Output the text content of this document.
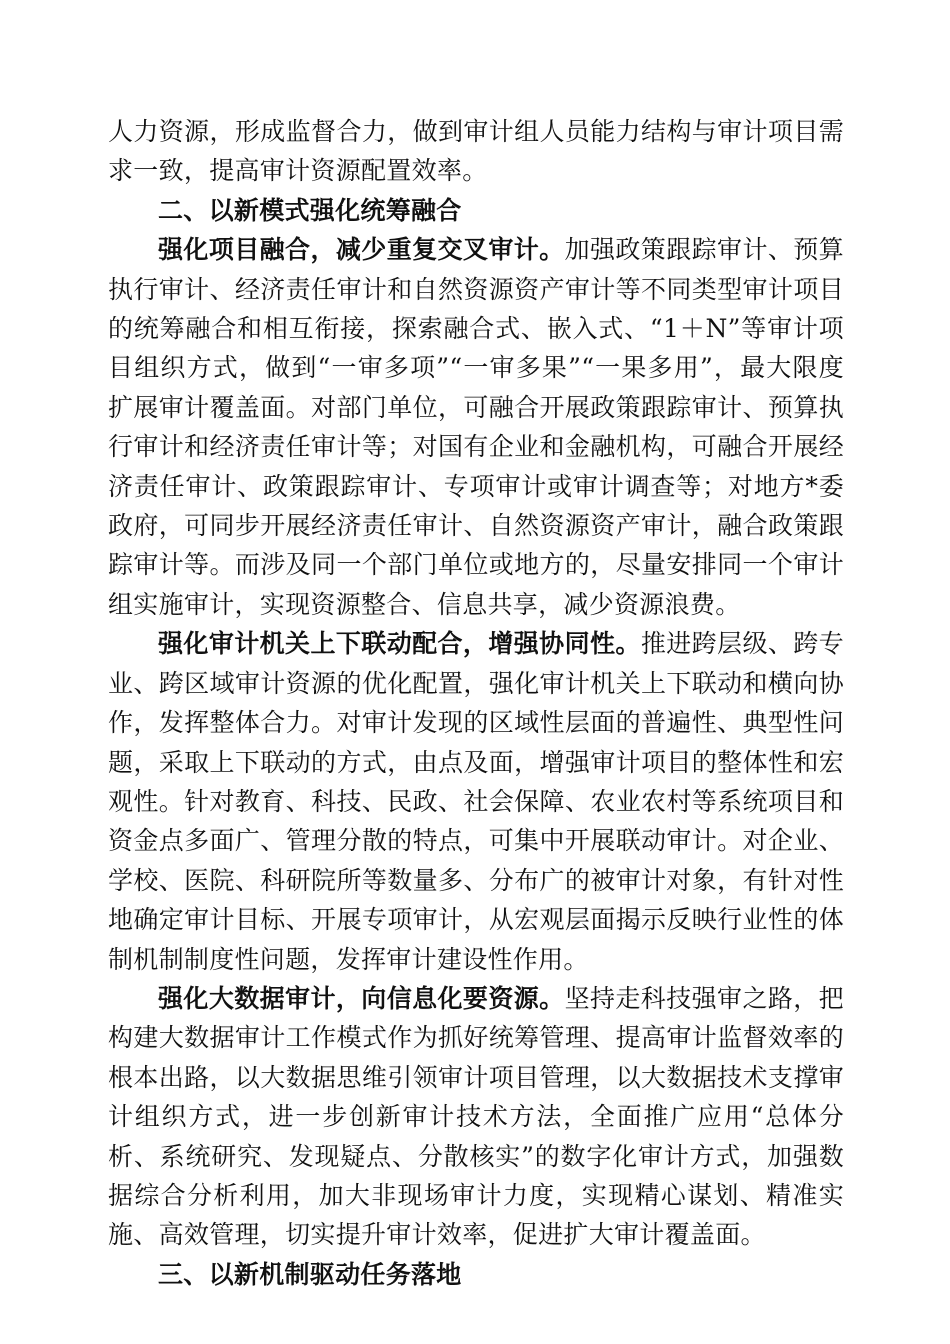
人力资源，形成监督合力，做到审计组人员能力结构与审计项目需求一致，提高审计资源配置效率。

二、以新模式强化统筹融合

强化项目融合，减少重复交叉审计。加强政策跟踪审计、预算执行审计、经济责任审计和自然资源资产审计等不同类型审计项目的统筹融合和相互衔接，探索融合式、嵌入式、“1＋N”等审计项目组织方式，做到“一审多项”“一审多果”“一果多用”，最大限度扩展审计覆盖面。对部门单位，可融合开展政策跟踪审计、预算执行审计和经济责任审计等；对国有企业和金融机构，可融合开展经济责任审计、政策跟踪审计、专项审计或审计调查等；对地方*委政府，可同步开展经济责任审计、自然资源资产审计，融合政策跟踪审计等。而涉及同一个部门单位或地方的，尽量安排同一个审计组实施审计，实现资源整合、信息共享，减少资源浪费。

强化审计机关上下联动配合，增强协同性。推进跨层级、跨专业、跨区域审计资源的优化配置，强化审计机关上下联动和横向协作，发挥整体合力。对审计发现的区域性层面的普遍性、典型性问题，采取上下联动的方式，由点及面，增强审计项目的整体性和宏观性。针对教育、科技、民政、社会保障、农业农村等系统项目和资金点多面广、管理分散的特点，可集中开展联动审计。对企业、学校、医院、科研院所等数量多、分布广的被审计对象，有针对性地确定审计目标、开展专项审计，从宏观层面揭示反映行业性的体制机制制度性问题，发挥审计建设性作用。

强化大数据审计，向信息化要资源。坚持走科技强审之路，把构建大数据审计工作模式作为抓好统筹管理、提高审计监督效率的根本出路，以大数据思维引领审计项目管理，以大数据技术支撑审计组织方式，进一步创新审计技术方法，全面推广应用“总体分析、系统研究、发现疑点、分散核实”的数字化审计方式，加强数据综合分析利用，加大非现场审计力度，实现精心谋划、精准实施、高效管理，切实提升审计效率，促进扩大审计覆盖面。

三、以新机制驱动任务落地
